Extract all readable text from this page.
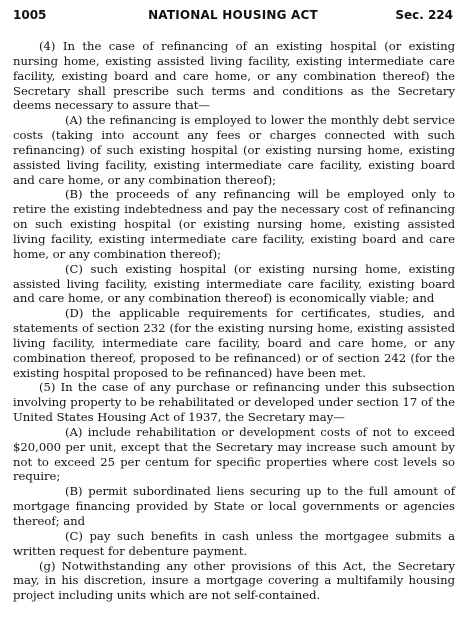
1005	NATIONAL HOUSING ACT	Sec. 224

(4) In the case of refinancing of an existing hospital (or existing nursing home, existing assisted living facility, existing intermediate care facility, existing board and care home, or any combination thereof) the Secretary shall prescribe such terms and conditions as the Secretary deems necessary to assure that—

(A) the refinancing is employed to lower the monthly debt service costs (taking into account any fees or charges connected with such refinancing) of such existing hospital (or existing nursing home, existing assisted living facility, existing intermediate care facility, existing board and care home, or any combination thereof);

(B) the proceeds of any refinancing will be employed only to retire the existing indebtedness and pay the necessary cost of refinancing on such existing hospital (or existing nursing home, existing assisted living facility, existing intermediate care facility, existing board and care home, or any combination thereof);

(C) such existing hospital (or existing nursing home, existing assisted living facility, existing intermediate care facility, existing board and care home, or any combination thereof) is economically viable; and

(D) the applicable requirements for certificates, studies, and statements of section 232 (for the existing nursing home, existing assisted living facility, intermediate care facility, board and care home, or any combination thereof, proposed to be refinanced) or of section 242 (for the existing hospital proposed to be refinanced) have been met.

(5) In the case of any purchase or refinancing under this subsection involving property to be rehabilitated or developed under section 17 of the United States Housing Act of 1937, the Secretary may—

(A) include rehabilitation or development costs of not to exceed $20,000 per unit, except that the Secretary may increase such amount by not to exceed 25 per centum for specific properties where cost levels so require;

(B) permit subordinated liens securing up to the full amount of mortgage financing provided by State or local governments or agencies thereof; and

(C) pay such benefits in cash unless the mortgagee submits a written request for debenture payment.

(g) Notwithstanding any other provisions of this Act, the Secretary may, in his discretion, insure a mortgage covering a multifamily housing project including units which are not self-contained.
